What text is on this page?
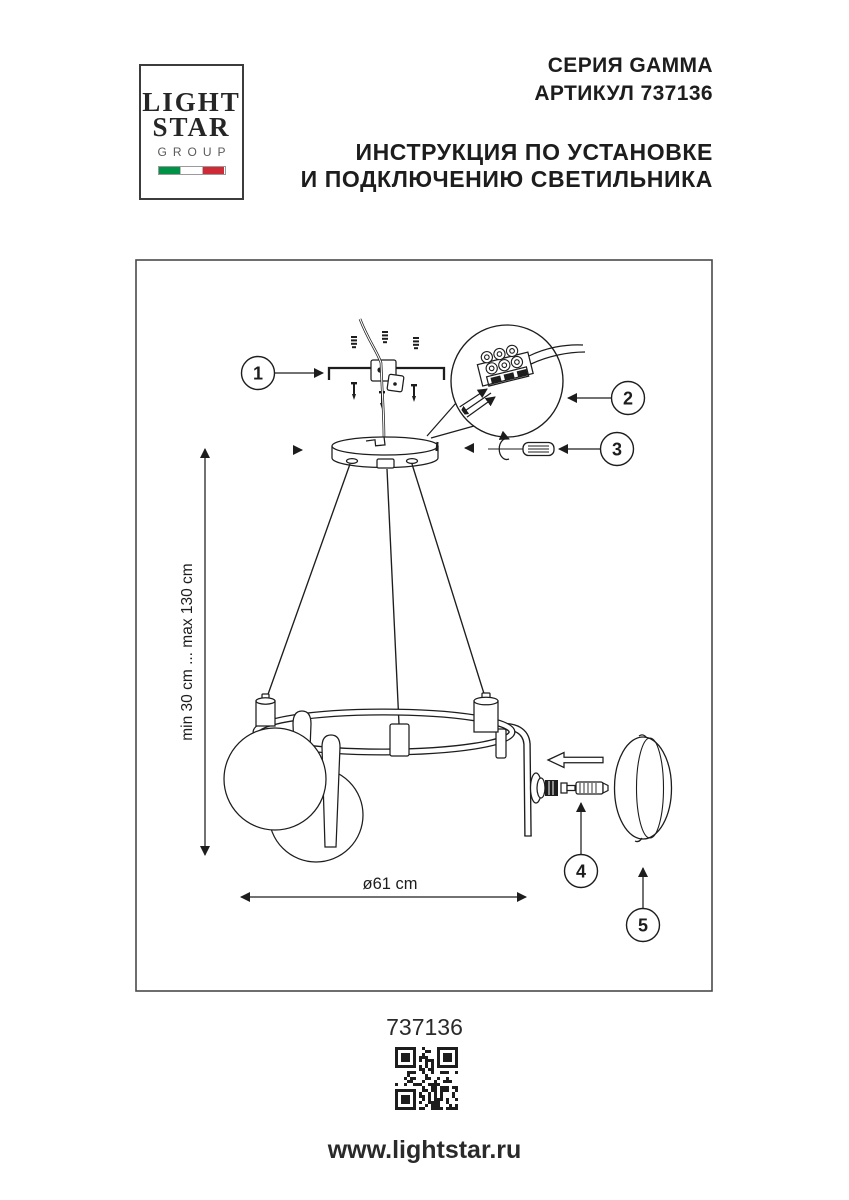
LIGHT
STAR
GROUP
СЕРИЯ GAMMA
АРТИКУЛ 737136
ИНСТРУКЦИЯ ПО УСТАНОВКЕ
И ПОДКЛЮЧЕНИЮ СВЕТИЛЬНИКА
min 30 cm ... max 130 cm
ø61 cm
1
2
3
4
5
737136
www.lightstar.ru
